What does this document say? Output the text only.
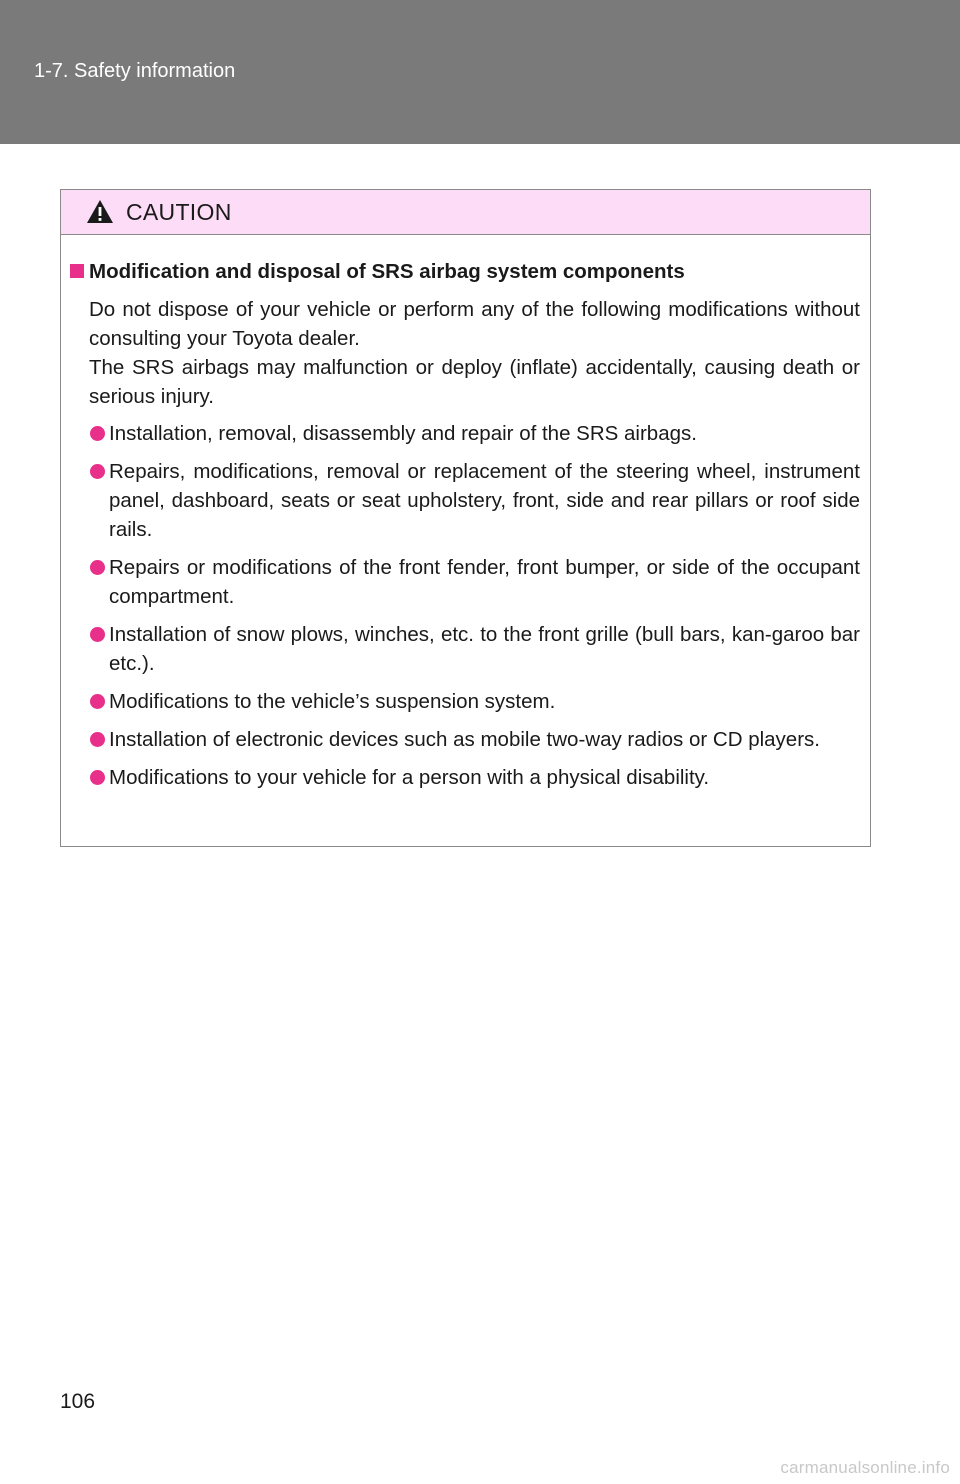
1-7. Safety information
CAUTION
Modification and disposal of SRS airbag system components
Do not dispose of your vehicle or perform any of the following modifications without consulting your Toyota dealer.
The SRS airbags may malfunction or deploy (inflate) accidentally, causing death or serious injury.
Installation, removal, disassembly and repair of the SRS airbags.
Repairs, modifications, removal or replacement of the steering wheel, instrument panel, dashboard, seats or seat upholstery, front, side and rear pillars or roof side rails.
Repairs or modifications of the front fender, front bumper, or side of the occupant compartment.
Installation of snow plows, winches, etc. to the front grille (bull bars, kan-garoo bar etc.).
Modifications to the vehicle’s suspension system.
Installation of electronic devices such as mobile two-way radios or CD players.
Modifications to your vehicle for a person with a physical disability.
106
carmanualsonline.info
